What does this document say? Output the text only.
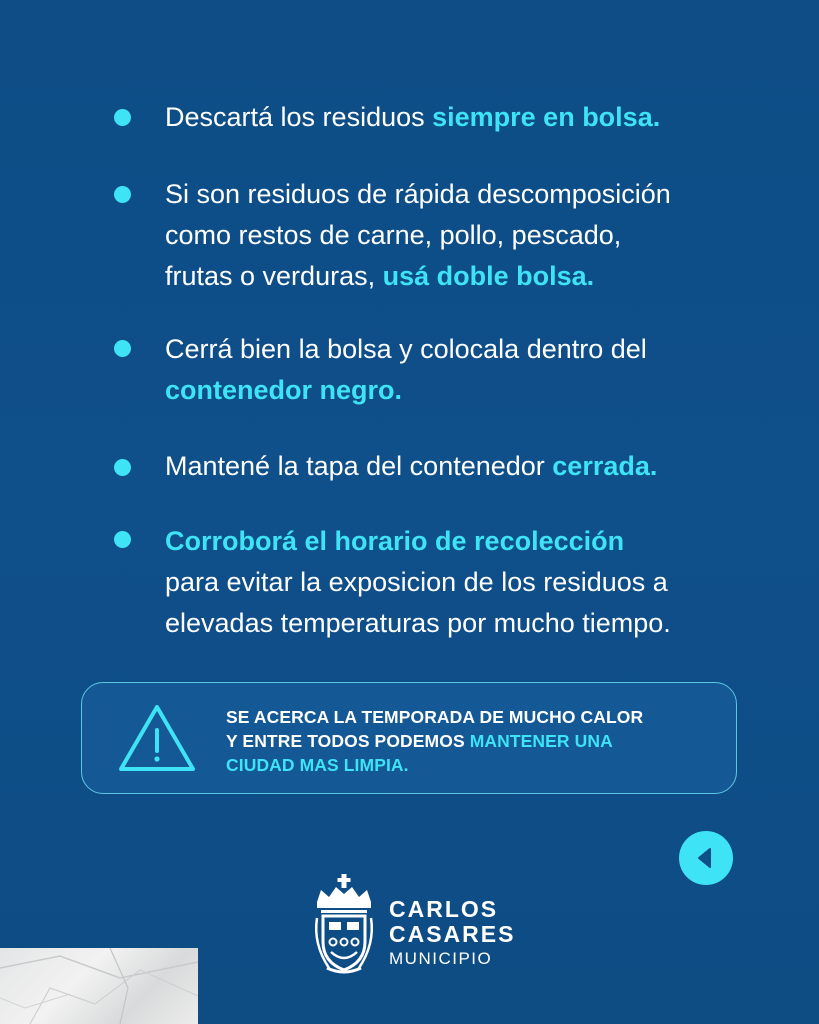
Descartá los residuos siempre en bolsa.
Si son residuos de rápida descomposición
como restos de carne, pollo, pescado,
frutas o verduras, usá doble bolsa.
Cerrá bien la bolsa y colocala dentro del
contenedor negro.
Mantené la tapa del contenedor cerrada.
Corroborá el horario de recolección
para evitar la exposicion de los residuos a
elevadas temperaturas por mucho tiempo.
SE ACERCA LA TEMPORADA DE MUCHO CALOR
Y ENTRE TODOS PODEMOS MANTENER UNA
CIUDAD MAS LIMPIA.
CARLOS
CASARES
MUNICIPIO
